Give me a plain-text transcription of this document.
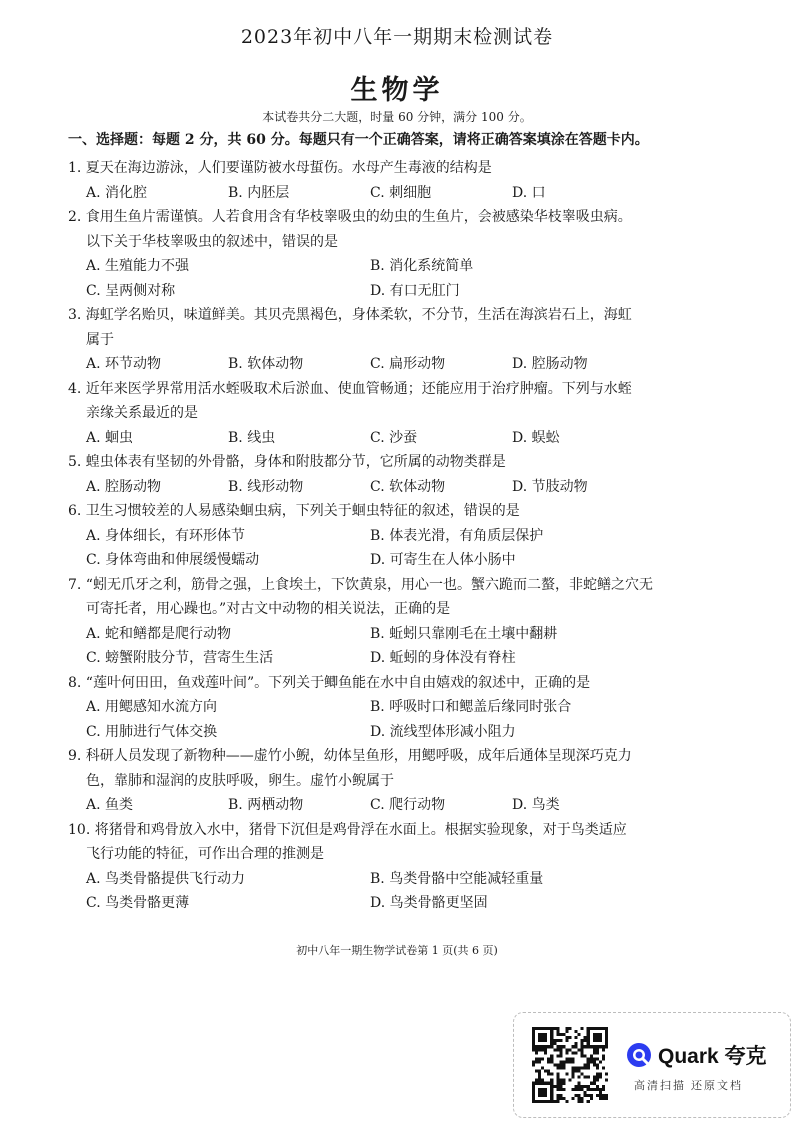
2023年初中八年一期期末检测试卷
生物学
本试卷共分二大题，时量 60 分钟，满分 100 分。
一、选择题：每题 2 分，共 60 分。每题只有一个正确答案，请将正确答案填涂在答题卡内。
1. 夏天在海边游泳，人们要谨防被水母蜇伤。水母产生毒液的结构是
A. 消化腔	B. 内胚层	C. 刺细胞	D. 口
2. 食用生鱼片需谨慎。人若食用含有华枝睾吸虫的幼虫的生鱼片，会被感染华枝睾吸虫病。
以下关于华枝睾吸虫的叙述中，错误的是
A. 生殖能力不强	B. 消化系统简单
C. 呈两侧对称	D. 有口无肛门
3. 海虹学名贻贝，味道鲜美。其贝壳黑褐色，身体柔软，不分节，生活在海滨岩石上，海虹
属于
A. 环节动物	B. 软体动物	C. 扁形动物	D. 腔肠动物
4. 近年来医学界常用活水蛭吸取术后淤血、使血管畅通；还能应用于治疗肿瘤。下列与水蛭
亲缘关系最近的是
A. 蛔虫	B. 线虫	C. 沙蚕	D. 蜈蚣
5. 蝗虫体表有坚韧的外骨骼，身体和附肢都分节，它所属的动物类群是
A. 腔肠动物	B. 线形动物	C. 软体动物	D. 节肢动物
6. 卫生习惯较差的人易感染蛔虫病，下列关于蛔虫特征的叙述，错误的是
A. 身体细长，有环形体节	B. 体表光滑，有角质层保护
C. 身体弯曲和伸展缓慢蠕动	D. 可寄生在人体小肠中
7. “蚓无爪牙之利，筋骨之强，上食埃土，下饮黄泉，用心一也。蟹六跪而二螯，非蛇鳝之穴无
可寄托者，用心躁也。”对古文中动物的相关说法，正确的是
A. 蛇和鳝都是爬行动物	B. 蚯蚓只靠刚毛在土壤中翻耕
C. 螃蟹附肢分节，营寄生生活	D. 蚯蚓的身体没有脊柱
8. “莲叶何田田，鱼戏莲叶间”。下列关于鲫鱼能在水中自由嬉戏的叙述中，正确的是
A. 用鳃感知水流方向	B. 呼吸时口和鳃盖后缘同时张合
C. 用肺进行气体交换	D. 流线型体形减小阻力
9. 科研人员发现了新物种——虚竹小鲵，幼体呈鱼形，用鳃呼吸，成年后通体呈现深巧克力
色，靠肺和湿润的皮肤呼吸，卵生。虚竹小鲵属于
A. 鱼类	B. 两栖动物	C. 爬行动物	D. 鸟类
10. 将猪骨和鸡骨放入水中，猪骨下沉但是鸡骨浮在水面上。根据实验现象，对于鸟类适应
飞行功能的特征，可作出合理的推测是
A. 鸟类骨骼提供飞行动力	B. 鸟类骨骼中空能减轻重量
C. 鸟类骨骼更薄	D. 鸟类骨骼更坚固
初中八年一期生物学试卷第 1 页(共 6 页)
Quark 夸克
高清扫描 还原文档
